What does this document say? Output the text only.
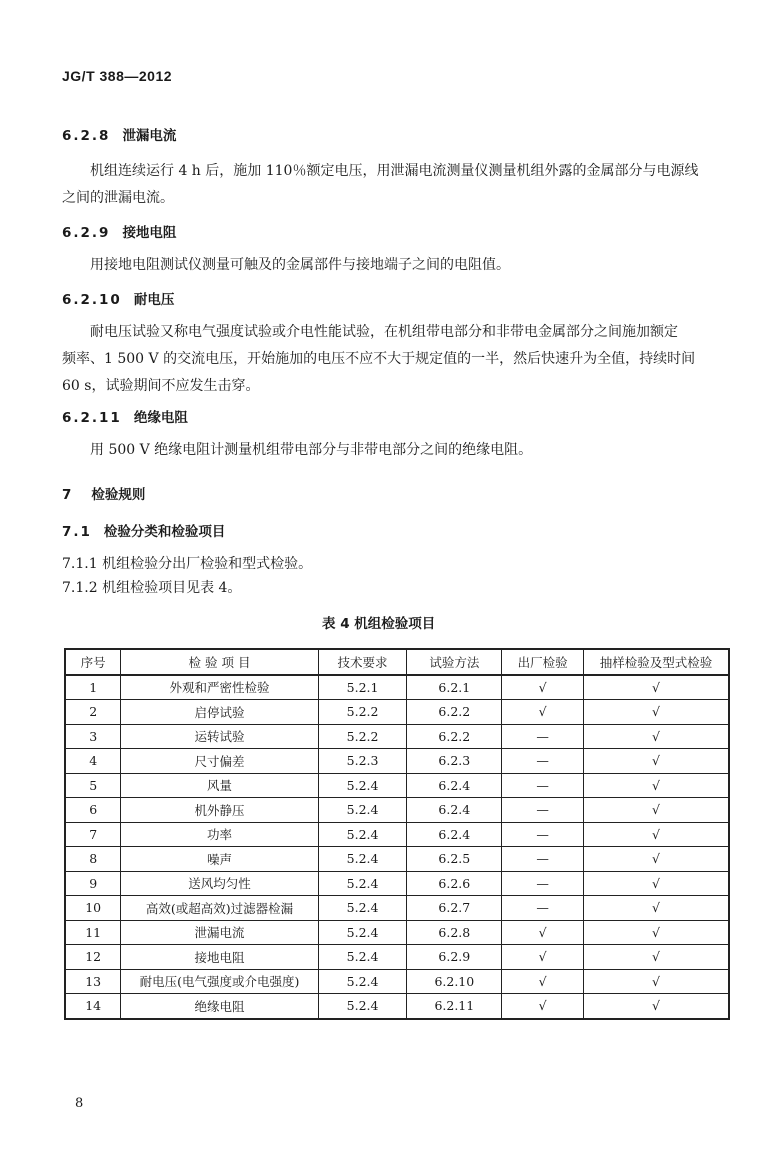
JG/T 388—2012
6.2.8 泄漏电流
机组连续运行 4 h 后，施加 110％额定电压，用泄漏电流测量仪测量机组外露的金属部分与电源线
之间的泄漏电流。
6.2.9 接地电阻
用接地电阻测试仪测量可触及的金属部件与接地端子之间的电阻值。
6.2.10 耐电压
耐电压试验又称电气强度试验或介电性能试验，在机组带电部分和非带电金属部分之间施加额定
频率、1 500 V 的交流电压，开始施加的电压不应不大于规定值的一半，然后快速升为全值，持续时间
60 s，试验期间不应发生击穿。
6.2.11 绝缘电阻
用 500 V 绝缘电阻计测量机组带电部分与非带电部分之间的绝缘电阻。
7 检验规则
7.1 检验分类和检验项目
7.1.1 机组检验分出厂检验和型式检验。
7.1.2 机组检验项目见表 4。
表 4 机组检验项目
序号	检 验 项 目	技术要求	试验方法	出厂检验	抽样检验及型式检验
1	外观和严密性检验	5.2.1	6.2.1	√	√
2	启停试验	5.2.2	6.2.2	√	√
3	运转试验	5.2.2	6.2.2	—	√
4	尺寸偏差	5.2.3	6.2.3	—	√
5	风量	5.2.4	6.2.4	—	√
6	机外静压	5.2.4	6.2.4	—	√
7	功率	5.2.4	6.2.4	—	√
8	噪声	5.2.4	6.2.5	—	√
9	送风均匀性	5.2.4	6.2.6	—	√
10	高效(或超高效)过滤器检漏	5.2.4	6.2.7	—	√
11	泄漏电流	5.2.4	6.2.8	√	√
12	接地电阻	5.2.4	6.2.9	√	√
13	耐电压(电气强度或介电强度)	5.2.4	6.2.10	√	√
14	绝缘电阻	5.2.4	6.2.11	√	√
8
